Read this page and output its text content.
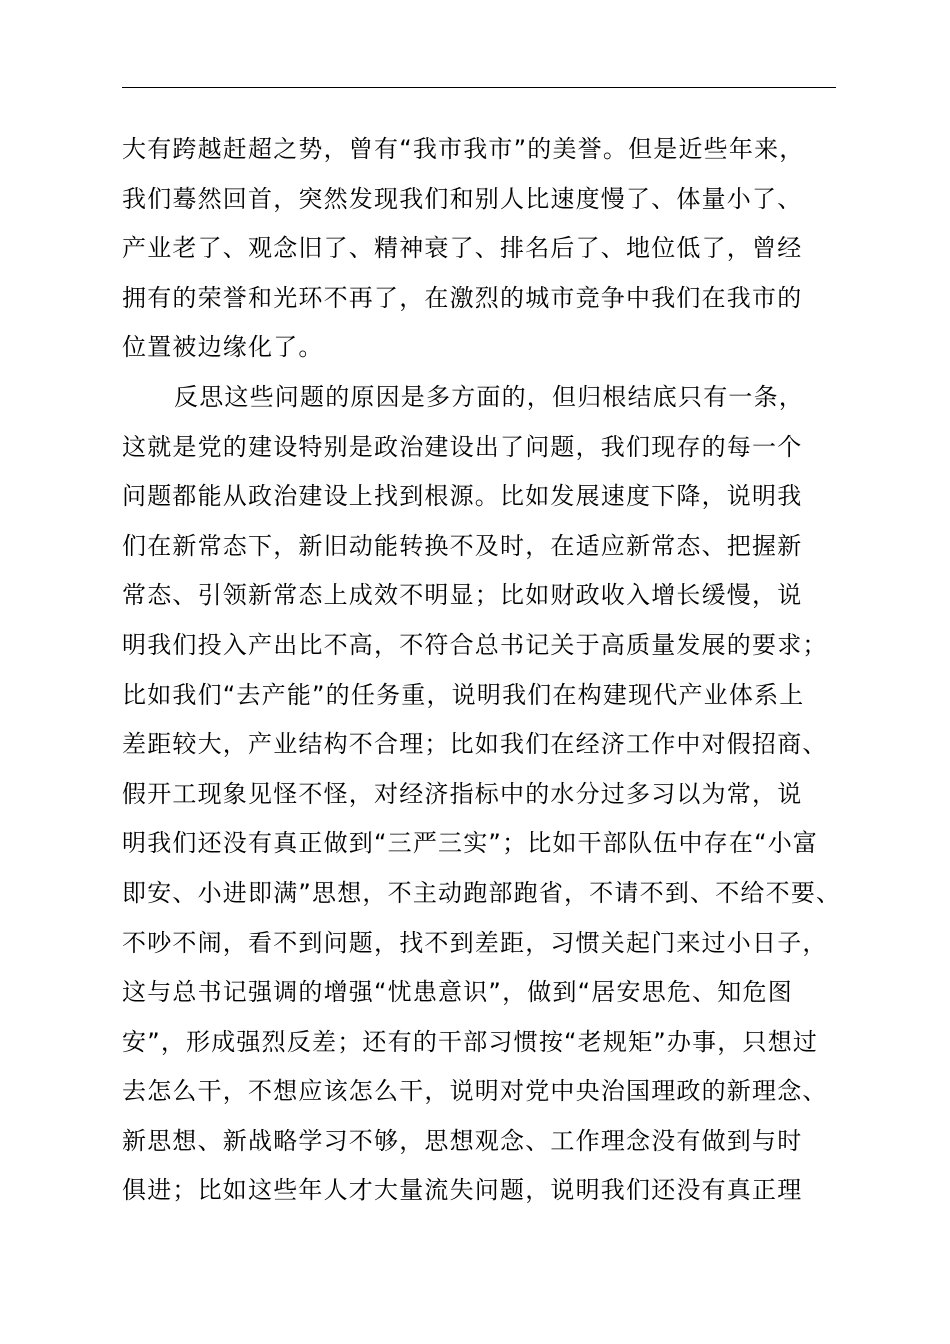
大有跨越赶超之势，曾有“我市我市”的美誉。但是近些年来，
我们蓦然回首，突然发现我们和别人比速度慢了、体量小了、
产业老了、观念旧了、精神衰了、排名后了、地位低了，曾经
拥有的荣誉和光环不再了，在激烈的城市竞争中我们在我市的
位置被边缘化了。
反思这些问题的原因是多方面的，但归根结底只有一条，
这就是党的建设特别是政治建设出了问题，我们现存的每一个
问题都能从政治建设上找到根源。比如发展速度下降，说明我
们在新常态下，新旧动能转换不及时，在适应新常态、把握新
常态、引领新常态上成效不明显；比如财政收入增长缓慢，说
明我们投入产出比不高，不符合总书记关于高质量发展的要求；
比如我们“去产能”的任务重，说明我们在构建现代产业体系上
差距较大，产业结构不合理；比如我们在经济工作中对假招商、
假开工现象见怪不怪，对经济指标中的水分过多习以为常，说
明我们还没有真正做到“三严三实”；比如干部队伍中存在“小富
即安、小进即满”思想，不主动跑部跑省，不请不到、不给不要、
不吵不闹，看不到问题，找不到差距，习惯关起门来过小日子，
这与总书记强调的增强“忧患意识”，做到“居安思危、知危图
安”，形成强烈反差；还有的干部习惯按“老规矩”办事，只想过
去怎么干，不想应该怎么干，说明对党中央治国理政的新理念、
新思想、新战略学习不够，思想观念、工作理念没有做到与时
俱进；比如这些年人才大量流失问题，说明我们还没有真正理
